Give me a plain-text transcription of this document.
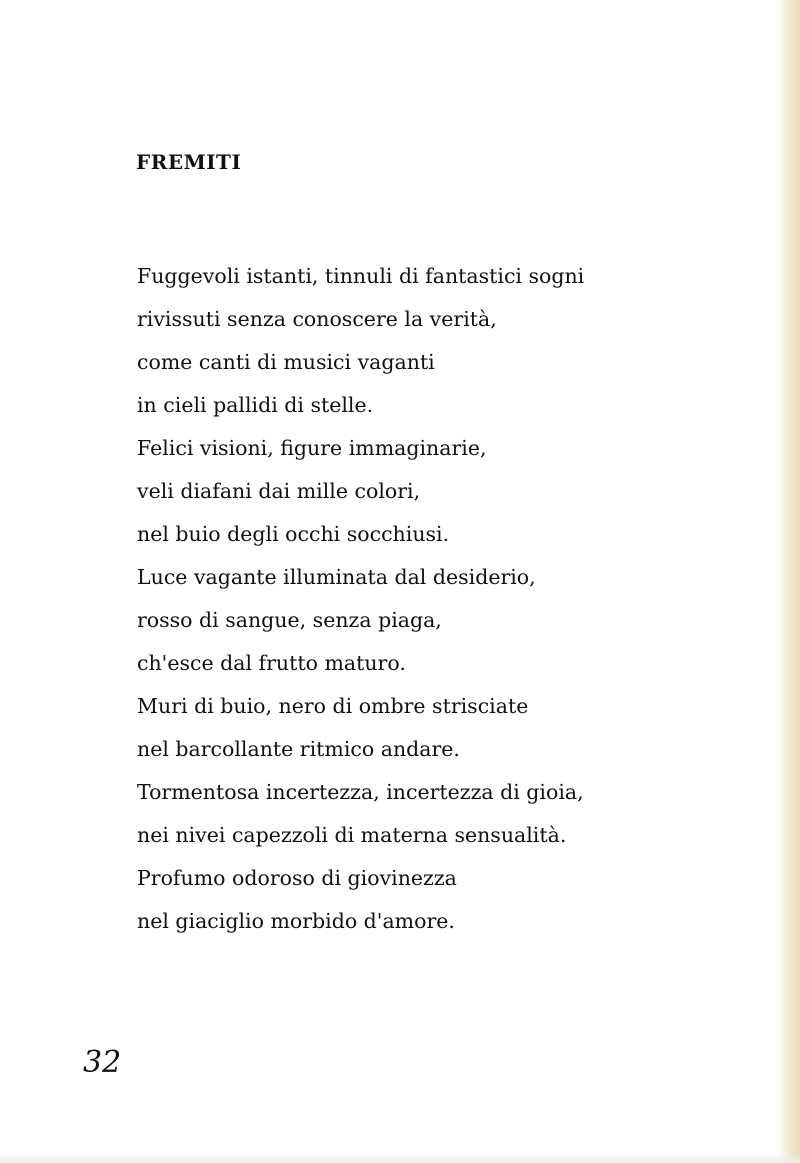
FREMITI
Fuggevoli istanti, tinnuli di fantastici sogni
rivissuti senza conoscere la verità,
come canti di musici vaganti
in cieli pallidi di stelle.
Felici visioni, figure immaginarie,
veli diafani dai mille colori,
nel buio degli occhi socchiusi.
Luce vagante illuminata dal desiderio,
rosso di sangue, senza piaga,
ch'esce dal frutto maturo.
Muri di buio, nero di ombre strisciate
nel barcollante ritmico andare.
Tormentosa incertezza, incertezza di gioia,
nei nivei capezzoli di materna sensualità.
Profumo odoroso di giovinezza
nel giaciglio morbido d'amore.

32
